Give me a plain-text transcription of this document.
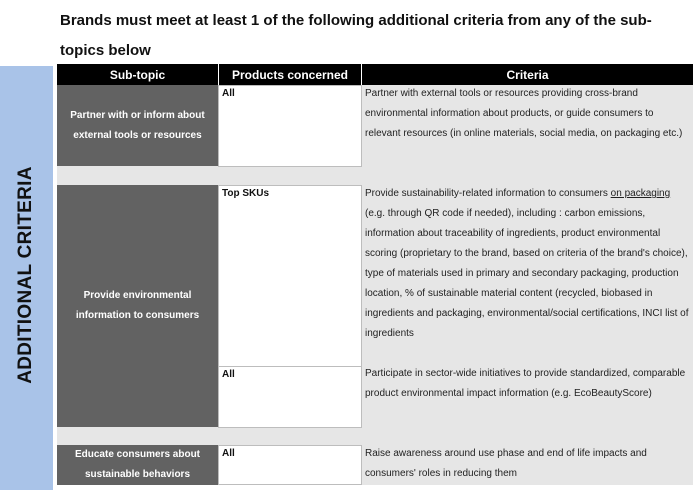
Brands must meet at least 1 of the following additional criteria from any of the sub-topics below
ADDITIONAL CRITERIA
Sub-topic	Products concerned	Criteria
Partner with or inform about external tools or resources
All	Partner with external tools or resources providing cross-brand environmental information about products, or guide consumers to relevant resources (in online materials, social media, on packaging etc.)
Provide environmental information to consumers
Top SKUs	Provide sustainability-related information to consumers on packaging (e.g. through QR code if needed), including : carbon emissions, information about traceability of ingredients, product environmental scoring (proprietary to the brand, based on criteria of the brand's choice), type of materials used in primary and secondary packaging, production location, % of sustainable material content (recycled, biobased in ingredients and packaging, environmental/social certifications, INCI list of ingredients
All	Participate in sector-wide initiatives to provide standardized, comparable product environmental impact information (e.g. EcoBeautyScore)
Educate consumers about sustainable behaviors
All	Raise awareness around use phase and end of life impacts and consumers' roles in reducing them
